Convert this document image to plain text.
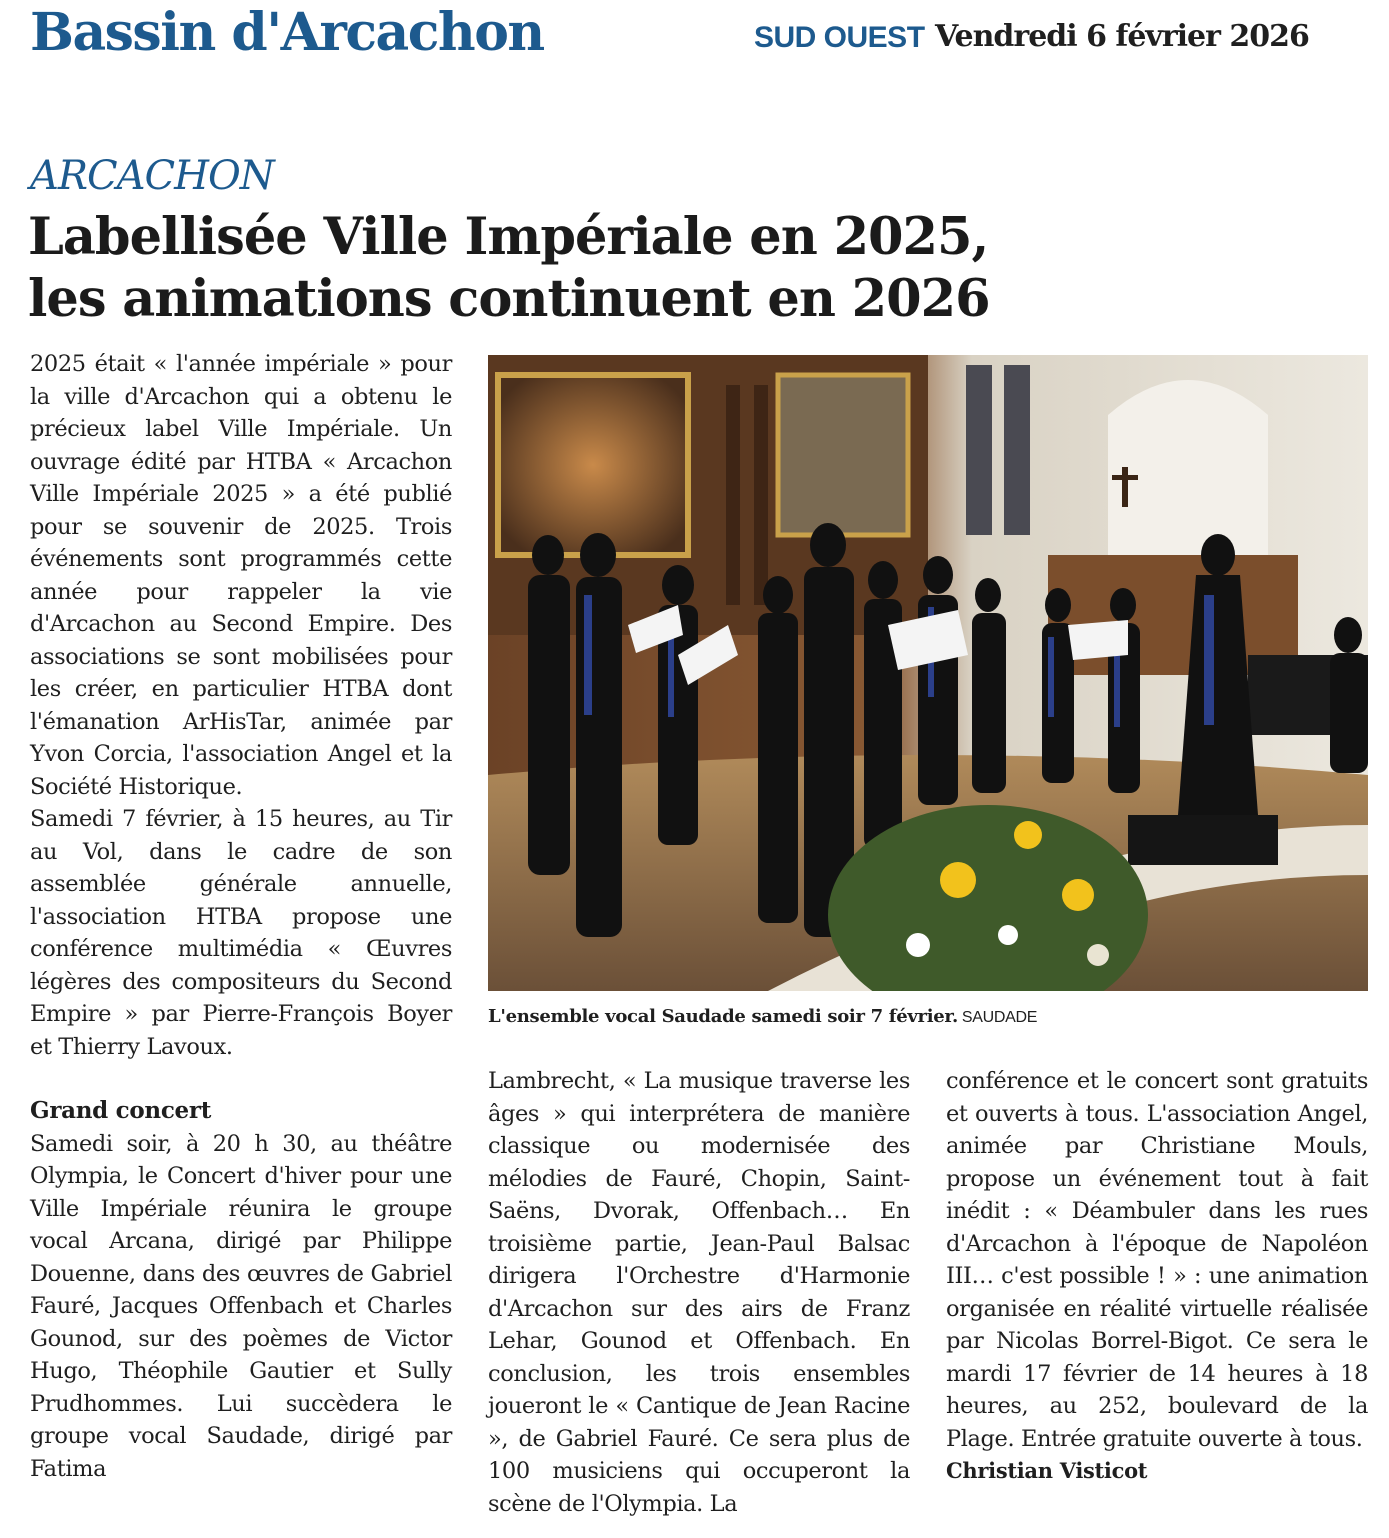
Bassin d'Arcachon	SUD OUEST Vendredi 6 février 2026
ARCACHON
Labellisée Ville Impériale en 2025,
les animations continuent en 2026

2025 était « l'année impériale » pour la ville d'Arcachon qui a obtenu le précieux label Ville Impériale. Un ouvrage édité par HTBA « Arcachon Ville Impériale 2025 » a été publié pour se souvenir de 2025. Trois événements sont programmés cette année pour rappeler la vie d'Arcachon au Second Empire. Des associations se sont mobilisées pour les créer, en particulier HTBA dont l'émanation ArHisTar, animée par Yvon Corcia, l'association Angel et la Société Historique.

Samedi 7 février, à 15 heures, au Tir au Vol, dans le cadre de son assemblée générale annuelle, l'association HTBA propose une conférence multimédia « Œuvres légères des compositeurs du Second Empire » par Pierre-François Boyer et Thierry Lavoux.

Grand concert

Samedi soir, à 20 h 30, au théâtre Olympia, le Concert d'hiver pour une Ville Impériale réunira le groupe vocal Arcana, dirigé par Philippe Douenne, dans des œuvres de Gabriel Fauré, Jacques Offenbach et Charles Gounod, sur des poèmes de Victor Hugo, Théophile Gautier et Sully Prudhommes. Lui succèdera le groupe vocal Saudade, dirigé par Fatima

L'ensemble vocal Saudade samedi soir 7 février. SAUDADE

Lambrecht, « La musique traverse les âges » qui interprétera de manière classique ou modernisée des mélodies de Fauré, Chopin, Saint-Saëns, Dvorak, Offenbach… En troisième partie, Jean-Paul Balsac dirigera l'Orchestre d'Harmonie d'Arcachon sur des airs de Franz Lehar, Gounod et Offenbach. En conclusion, les trois ensembles joueront le « Cantique de Jean Racine », de Gabriel Fauré. Ce sera plus de 100 musiciens qui occuperont la scène de l'Olympia. La

conférence et le concert sont gratuits et ouverts à tous. L'association Angel, animée par Christiane Mouls, propose un événement tout à fait inédit : « Déambuler dans les rues d'Arcachon à l'époque de Napoléon III… c'est possible ! » : une animation organisée en réalité virtuelle réalisée par Nicolas Borrel-Bigot. Ce sera le mardi 17 février de 14 heures à 18 heures, au 252, boulevard de la Plage. Entrée gratuite ouverte à tous.

Christian Visticot
